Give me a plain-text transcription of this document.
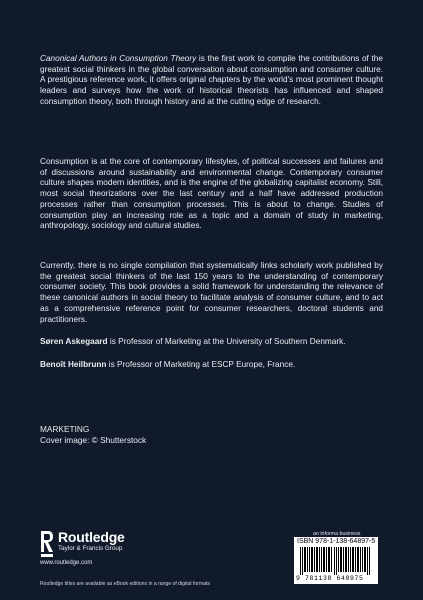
Canonical Authors in Consumption Theory is the first work to compile the contributions of the greatest social thinkers in the global conversation about consumption and consumer culture. A prestigious reference work, it offers original chapters by the world's most prominent thought leaders and surveys how the work of historical theorists has influenced and shaped consumption theory, both through history and at the cutting edge of research.
Consumption is at the core of contemporary lifestyles, of political successes and failures and of discussions around sustainability and environmental change. Contemporary consumer culture shapes modern identities, and is the engine of the globalizing capitalist economy. Still, most social theorizations over the last century and a half have addressed production processes rather than consumption processes. This is about to change. Studies of consumption play an increasing role as a topic and a domain of study in marketing, anthropology, sociology and cultural studies.
Currently, there is no single compilation that systematically links scholarly work published by the greatest social thinkers of the last 150 years to the understanding of contemporary consumer society. This book provides a solid framework for understanding the relevance of these canonical authors in social theory to facilitate analysis of consumer culture, and to act as a comprehensive reference point for consumer researchers, doctoral students and practitioners.
Søren Askegaard is Professor of Marketing at the University of Southern Denmark.
Benoît Heilbrunn is Professor of Marketing at ESCP Europe, France.
MARKETING
Cover image: © Shutterstock
Routledge
Taylor & Francis Group
www.routledge.com
Routledge titles are available as eBook editions in a range of digital formats
an informa business
ISBN 978-1-138-64897-5
9 781138 648975
